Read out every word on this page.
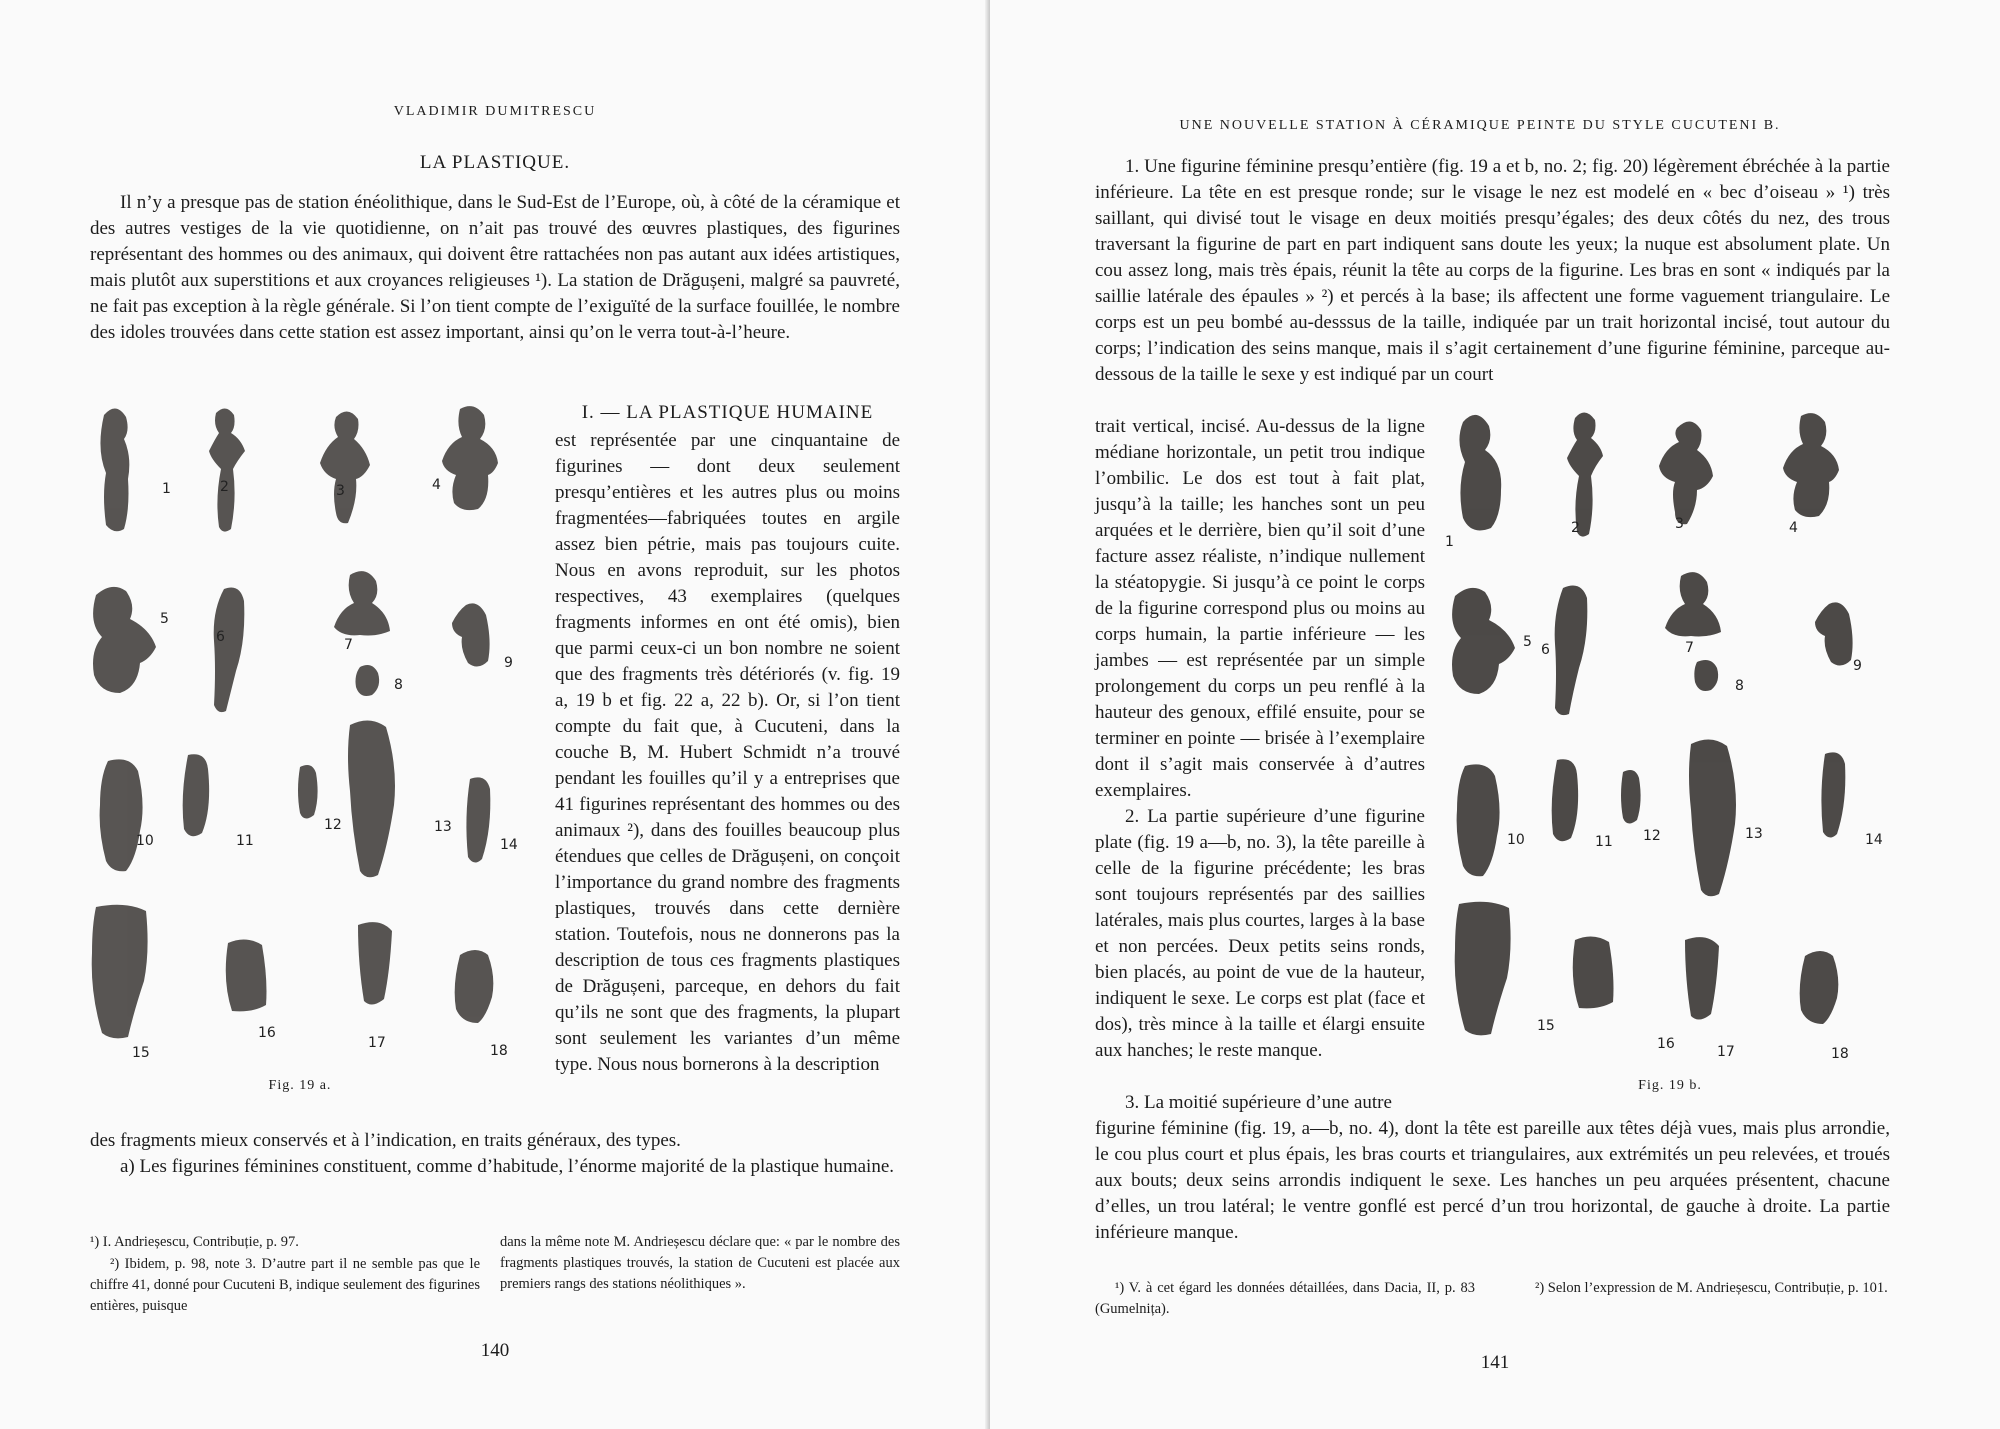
VLADIMIR DUMITRESCU
LA PLASTIQUE.

Il n’y a presque pas de station énéolithique, dans le Sud-Est de l’Europe, où, à côté de la céramique et des autres vestiges de la vie quotidienne, on n’ait pas trouvé des œuvres plastiques, des figurines représentant des hommes ou des animaux, qui doivent être rattachées non pas autant aux idées artistiques, mais plutôt aux superstitions et aux croyances religieuses ¹). La station de Drăgușeni, malgré sa pauvreté, ne fait pas exception à la règle générale. Si l’on tient compte de l’exiguïté de la surface fouillée, le nombre des idoles trouvées dans cette station est assez important, ainsi qu’on le verra tout-à-l’heure.

1	2	3	4
5
6	7
8
9
10	11
12	13
14
15
16
17	18
Fig. 19 a.
I. — LA PLASTIQUE HUMAINE

est représentée par une cinquantaine de figurines — dont deux seulement presqu’entières et les autres plus ou moins fragmentées—fabriquées toutes en argile assez bien pétrie, mais pas toujours cuite. Nous en avons reproduit, sur les photos respectives, 43 exemplaires (quelques fragments informes en ont été omis), bien que parmi ceux-ci un bon nombre ne soient que des fragments très détériorés (v. fig. 19 a, 19 b et fig. 22 a, 22 b). Or, si l’on tient compte du fait que, à Cucuteni, dans la couche B, M. Hubert Schmidt n’a trouvé pendant les fouilles qu’il y a entreprises que 41 figurines représentant des hommes ou des animaux ²), dans des fouilles beaucoup plus étendues que celles de Drăgușeni, on conçoit l’importance du grand nombre des fragments plastiques, trouvés dans cette dernière station. Toutefois, nous ne donnerons pas la description de tous ces fragments plastiques de Drăgușeni, parceque, en dehors du fait qu’ils ne sont que des fragments, la plupart sont seulement les variantes d’un même type. Nous nous bornerons à la description

des fragments mieux conservés et à l’indication, en traits généraux, des types.

a) Les figurines féminines constituent, comme d’habitude, l’énorme majorité de la plastique humaine.

¹) I. Andrieșescu, Contribuție, p. 97.
²) Ibidem, p. 98, note 3. D’autre part il ne semble pas que le chiffre 41, donné pour Cucuteni B, indique seulement des figurines entières, puisque
dans la même note M. Andrieșescu déclare que: « par le nombre des fragments plastiques trouvés, la station de Cucuteni est placée aux premiers rangs des stations néolithiques ».
140
UNE NOUVELLE STATION À CÉRAMIQUE PEINTE DU STYLE CUCUTENI B.

1. Une figurine féminine presqu’entière (fig. 19 a et b, no. 2; fig. 20) légèrement ébréchée à la partie inférieure. La tête en est presque ronde; sur le visage le nez est modelé en « bec d’oiseau » ¹) très saillant, qui divisé tout le visage en deux moitiés presqu’égales; des deux côtés du nez, des trous traversant la figurine de part en part indiquent sans doute les yeux; la nuque est absolument plate. Un cou assez long, mais très épais, réunit la tête au corps de la figurine. Les bras en sont « indiqués par la saillie latérale des épaules » ²) et percés à la base; ils affectent une forme vaguement triangulaire. Le corps est un peu bombé au-desssus de la taille, indiquée par un trait horizontal incisé, tout autour du corps; l’indication des seins manque, mais il s’agit certainement d’une figurine féminine, parceque au-dessous de la taille le sexe y est indiqué par un court

trait vertical, incisé. Au-dessus de la ligne médiane horizontale, un petit trou indique l’ombilic. Le dos est tout à fait plat, jusqu’à la taille; les hanches sont un peu arquées et le derrière, bien qu’il soit d’une facture assez réaliste, n’indique nullement la stéatopygie. Si jusqu’à ce point le corps de la figurine correspond plus ou moins au corps humain, la partie inférieure — les jambes — est représentée par un simple prolongement du corps un peu renflé à la hauteur des genoux, effilé ensuite, pour se terminer en pointe — brisée à l’exemplaire dont il s’agit mais conservée à d’autres exemplaires.

2. La partie supérieure d’une figurine plate (fig. 19 a—b, no. 3), la tête pareille à celle de la figurine précédente; les bras sont toujours représentés par des saillies latérales, mais plus courtes, larges à la base et non percées. Deux petits seins ronds, bien placés, au point de vue de la hauteur, indiquent le sexe. Le corps est plat (face et dos), très mince à la taille et élargi ensuite aux hanches; le reste manque.

3. La moitié supérieure d’une autre

figurine féminine (fig. 19, a—b, no. 4), dont la tête est pareille aux têtes déjà vues, mais plus arrondie, le cou plus court et plus épais, les bras courts et triangulaires, aux extrémités un peu relevées, et troués aux bouts; deux seins arrondis indiquent le sexe. Les hanches un peu arquées présentent, chacune d’elles, un trou latéral; le ventre gonflé est percé d’un trou horizontal, de gauche à droite. La partie inférieure manque.

1
2	3	4
5 6	7
8
9
10	11 12	13	14
15
16	17	18
Fig. 19 b.
¹) V. à cet égard les données détaillées, dans Dacia, II, p. 83 (Gumelnița).
²) Selon l’expression de M. Andrieșescu, Contribuție, p. 101.
141
